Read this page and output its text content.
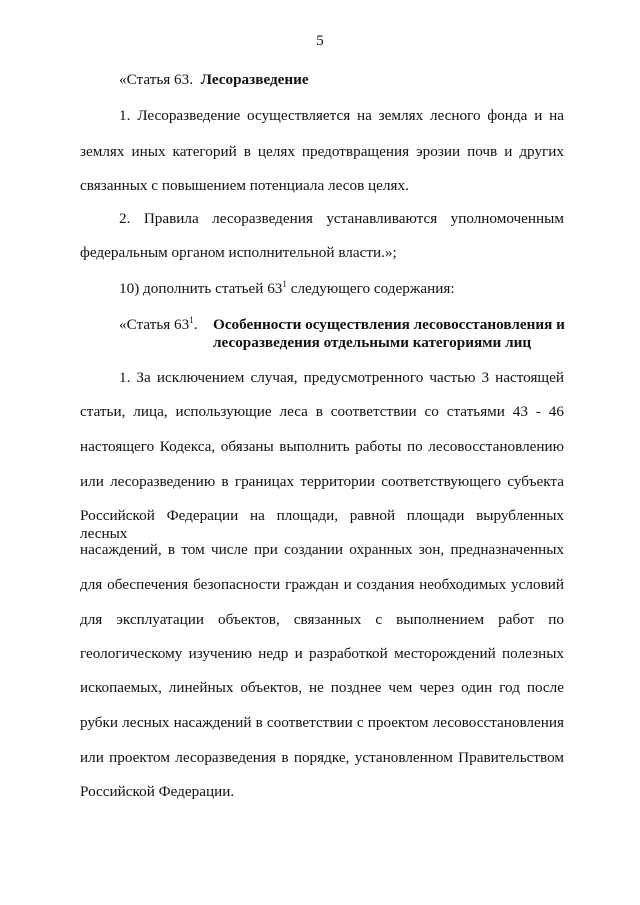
5
«Статья 63. Лесоразведение
1. Лесоразведение осуществляется на землях лесного фонда и на
землях иных категорий в целях предотвращения эрозии почв и других
связанных с повышением потенциала лесов целях.
2. Правила лесоразведения устанавливаются уполномоченным
федеральным органом исполнительной власти.»;
10) дополнить статьей $63^1$ следующего содержания:
«Статья $63^1$. Особенности осуществления лесовосстановления и
лесоразведения отдельными категориями лиц
1. За исключением случая, предусмотренного частью 3 настоящей
статьи, лица, использующие леса в соответствии со статьями 43 - 46
настоящего Кодекса, обязаны выполнить работы по лесовосстановлению
или лесоразведению в границах территории соответствующего субъекта
Российской Федерации на площади, равной площади вырубленных лесных
насаждений, в том числе при создании охранных зон, предназначенных
для обеспечения безопасности граждан и создания необходимых условий
для эксплуатации объектов, связанных с выполнением работ по
геологическому изучению недр и разработкой месторождений полезных
ископаемых, линейных объектов, не позднее чем через один год после
рубки лесных насаждений в соответствии с проектом лесовосстановления
или проектом лесоразведения в порядке, установленном Правительством
Российской Федерации.
